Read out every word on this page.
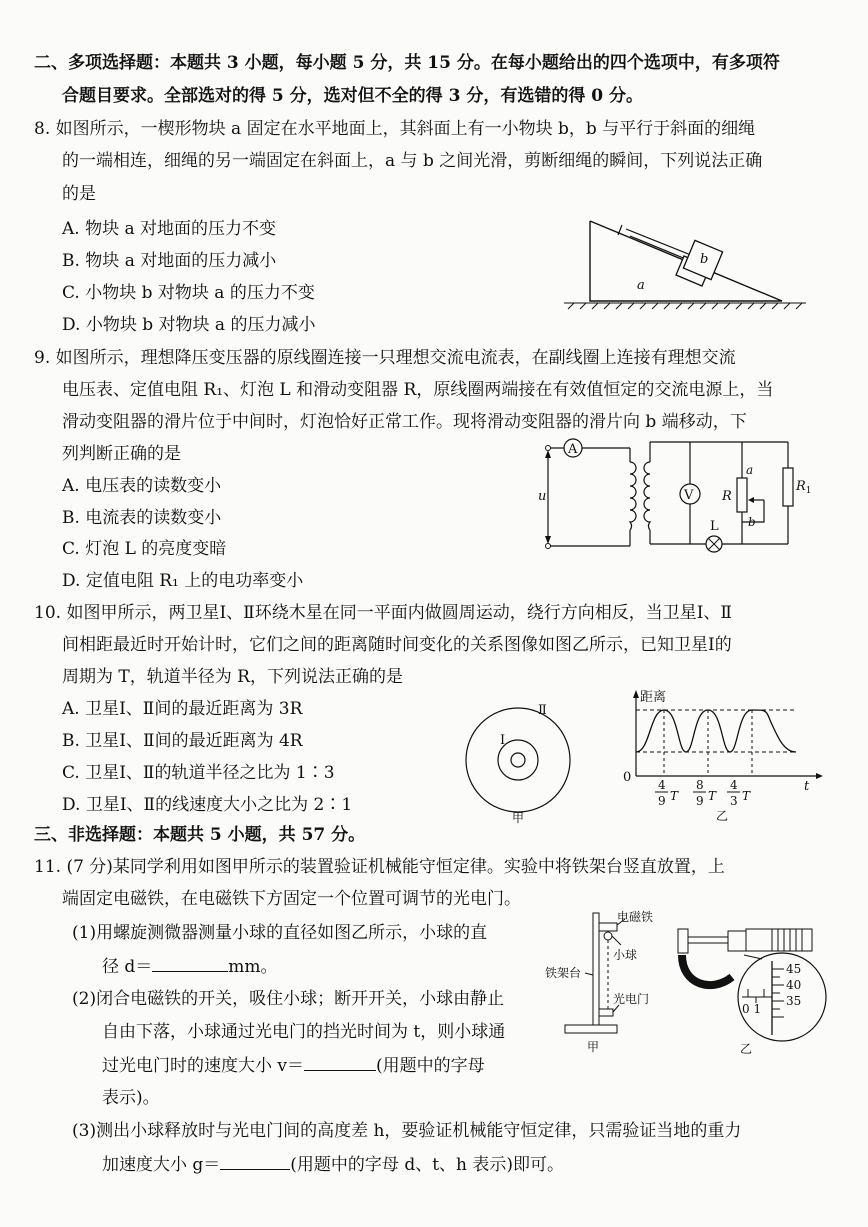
二、多项选择题：本题共 3 小题，每小题 5 分，共 15 分。在每小题给出的四个选项中，有多项符
合题目要求。全部选对的得 5 分，选对但不全的得 3 分，有选错的得 0 分。
8. 如图所示，一楔形物块 a 固定在水平地面上，其斜面上有一小物块 b，b 与平行于斜面的细绳
的一端相连，细绳的另一端固定在斜面上，a 与 b 之间光滑，剪断细绳的瞬间，下列说法正确
的是
A. 物块 a 对地面的压力不变
B. 物块 a 对地面的压力减小
C. 小物块 b 对物块 a 的压力不变
D. 小物块 b 对物块 a 的压力减小
b
a
9. 如图所示，理想降压变压器的原线圈连接一只理想交流电流表，在副线圈上连接有理想交流
电压表、定值电阻 R₁、灯泡 L 和滑动变阻器 R，原线圈两端接在有效值恒定的交流电源上，当
滑动变阻器的滑片位于中间时，灯泡恰好正常工作。现将滑动变阻器的滑片向 b 端移动，下
列判断正确的是
A. 电压表的读数变小
B. 电流表的读数变小
C. 灯泡 L 的亮度变暗
D. 定值电阻 R₁ 上的电功率变小
A
u	V R
a
b
$R_1$
L
10. 如图甲所示，两卫星Ⅰ、Ⅱ环绕木星在同一平面内做圆周运动，绕行方向相反，当卫星Ⅰ、Ⅱ
间相距最近时开始计时，它们之间的距离随时间变化的关系图像如图乙所示，已知卫星Ⅰ的
周期为 T，轨道半径为 R，下列说法正确的是
A. 卫星Ⅰ、Ⅱ间的最近距离为 3R
B. 卫星Ⅰ、Ⅱ间的最近距离为 4R
C. 卫星Ⅰ、Ⅱ的轨道半径之比为 1∶3
D. 卫星Ⅰ、Ⅱ的线速度大小之比为 2∶1
Ⅰ
Ⅱ
甲
距离
t
0 4
9 T
8
9 T
4
3 T
乙
三、非选择题：本题共 5 小题，共 57 分。
11. (7 分)某同学利用如图甲所示的装置验证机械能守恒定律。实验中将铁架台竖直放置，上
端固定电磁铁，在电磁铁下方固定一个位置可调节的光电门。
(1)用螺旋测微器测量小球的直径如图乙所示，小球的直
径 d＝	mm。
(2)闭合电磁铁的开关，吸住小球；断开开关，小球由静止
自由下落，小球通过光电门的挡光时间为 t，则小球通
过光电门时的速度大小 v＝	(用题中的字母
表示)。
(3)测出小球释放时与光电门间的高度差 h，要验证机械能守恒定律，只需验证当地的重力
加速度大小 g＝	(用题中的字母 d、t、h 表示)即可。
电磁铁
小球
铁架台
光电门
甲
45
40
35
0 1
乙
